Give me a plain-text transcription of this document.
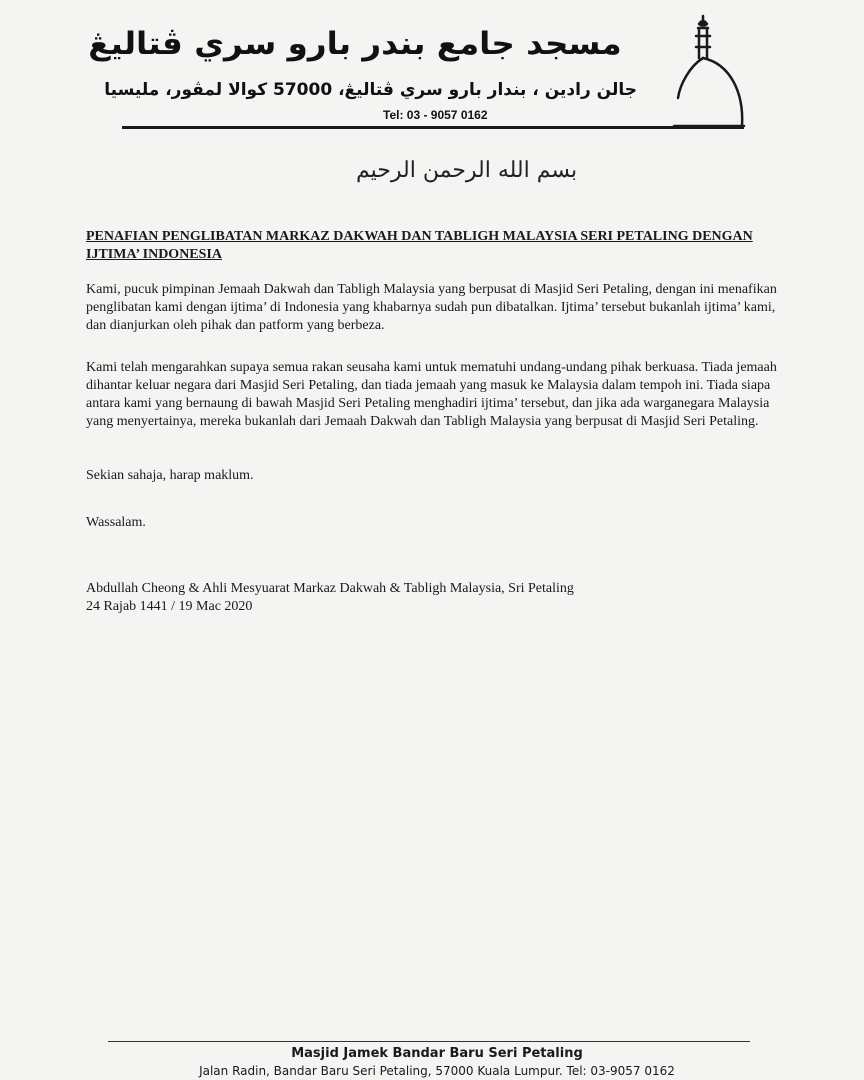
مسجد جامع بندر بارو سري ڤتاليڠ
جالن رادين ، بندار بارو سري ڤتاليڠ، 57000 كوالا لمڤور، مليسيا
Tel: 03 - 9057 0162
بسم الله الرحمن الرحيم
PENAFIAN PENGLIBATAN MARKAZ DAKWAH DAN TABLIGH MALAYSIA SERI PETALING DENGAN IJTIMA’ INDONESIA

Kami, pucuk pimpinan Jemaah Dakwah dan Tabligh Malaysia yang berpusat di Masjid Seri Petaling, dengan ini menafikan penglibatan kami dengan ijtima’ di Indonesia yang khabarnya sudah pun dibatalkan. Ijtima’ tersebut bukanlah ijtima’ kami, dan dianjurkan oleh pihak dan patform yang berbeza.

Kami telah mengarahkan supaya semua rakan seusaha kami untuk mematuhi undang-undang pihak berkuasa. Tiada jemaah dihantar keluar negara dari Masjid Seri Petaling, dan tiada jemaah yang masuk ke Malaysia dalam tempoh ini. Tiada siapa antara kami yang bernaung di bawah Masjid Seri Petaling menghadiri ijtima’ tersebut, dan jika ada warganegara Malaysia yang menyertainya, mereka bukanlah dari Jemaah Dakwah dan Tabligh Malaysia yang berpusat di Masjid Seri Petaling.

Sekian sahaja, harap maklum.

Wassalam.

Abdullah Cheong & Ahli Mesyuarat Markaz Dakwah & Tabligh Malaysia, Sri Petaling

24 Rajab 1441 / 19 Mac 2020

Masjid Jamek Bandar Baru Seri Petaling
Jalan Radin, Bandar Baru Seri Petaling, 57000 Kuala Lumpur. Tel: 03-9057 0162
